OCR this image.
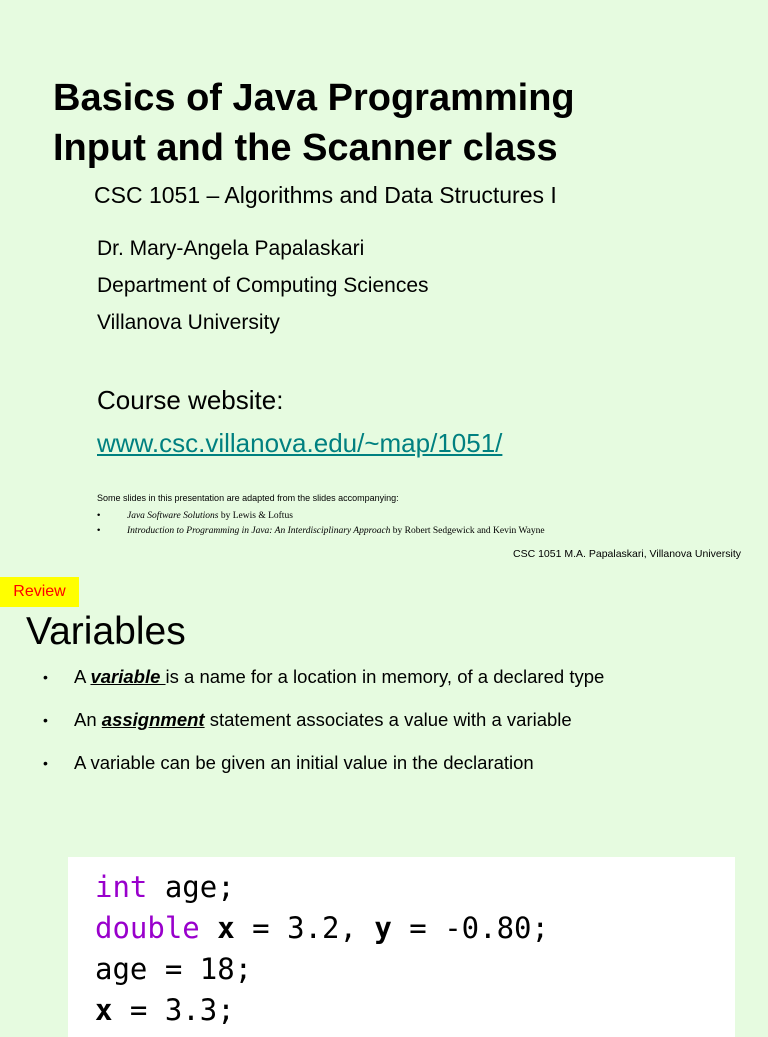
Basics of Java Programming
Input and the Scanner class
CSC 1051 – Algorithms and Data Structures I
Dr. Mary-Angela Papalaskari
Department of Computing Sciences
Villanova University
Course website:
www.csc.villanova.edu/~map/1051/
Some slides in this presentation are adapted from the slides accompanying:
•	Java Software Solutions by Lewis & Loftus
•	Introduction to Programming in Java: An Interdisciplinary Approach by Robert Sedgewick and Kevin Wayne
CSC 1051 M.A. Papalaskari, Villanova University
Review
Variables
• A variable is a name for a location in memory, of a declared type
• An assignment statement associates a value with a variable
• A variable can be given an initial value in the declaration
int age;
double x = 3.2, y = -0.80;
age = 18;
x = 3.3;
